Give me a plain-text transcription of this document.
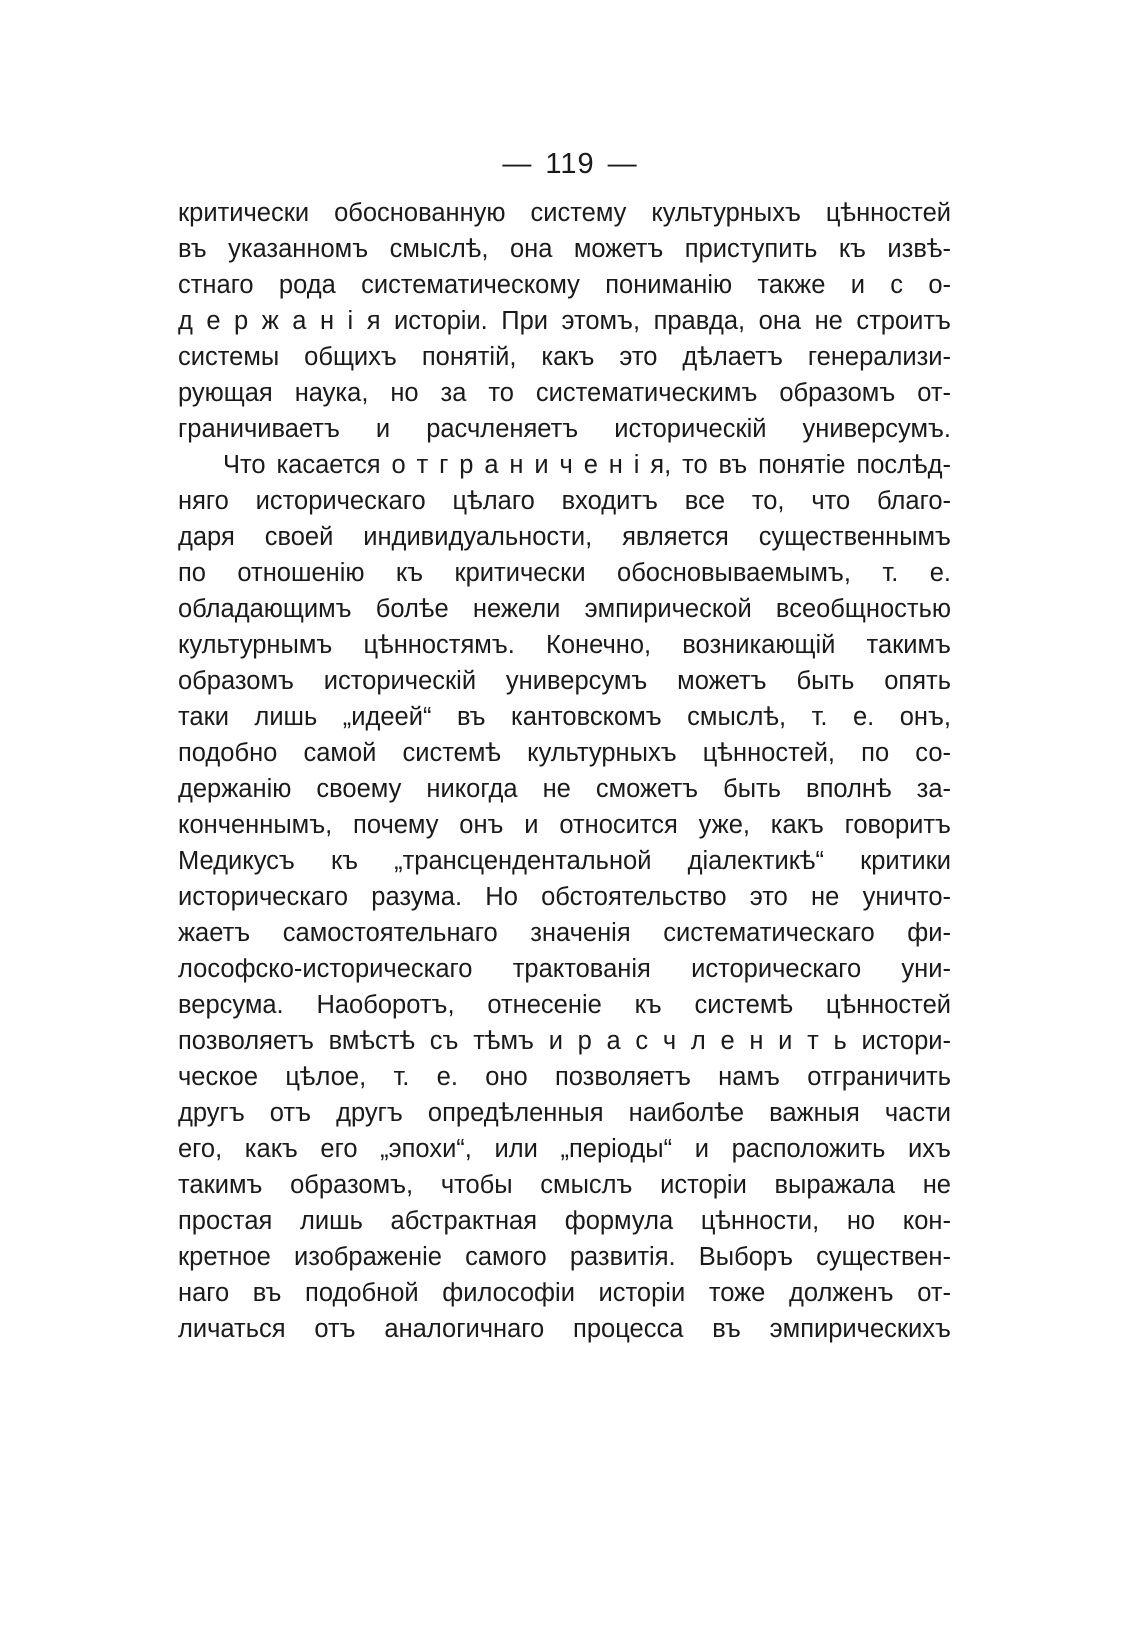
— 119 —
критически обоснованную систему культурныхъ цѣнностей
въ указанномъ смыслѣ, она можетъ приступить къ извѣ-
стнаго рода систематическому пониманію также и с о-
д е р ж а н і я исторіи. При этомъ, правда, она не строитъ
системы общихъ понятій, какъ это дѣлаетъ генерализи-
рующая наука, но за то систематическимъ образомъ от-
граничиваетъ и расчленяетъ историческій универсумъ.
Что касается о т г р а н и ч е н і я, то въ понятіе послѣд-
няго историческаго цѣлаго входитъ все то, что благо-
даря своей индивидуальности, является существеннымъ
по отношенію къ критически обосновываемымъ, т. е.
обладающимъ болѣе нежели эмпирической всеобщностью
культурнымъ цѣнностямъ. Конечно, возникающій такимъ
образомъ историческій универсумъ можетъ быть опять
таки лишь „идеей“ въ кантовскомъ смыслѣ, т. е. онъ,
подобно самой системѣ культурныхъ цѣнностей, по со-
держанію своему никогда не сможетъ быть вполнѣ за-
конченнымъ, почему онъ и относится уже, какъ говоритъ
Медикусъ къ „трансцендентальной діалектикѣ“ критики
историческаго разума. Но обстоятельство это не уничто-
жаетъ самостоятельнаго значенія систематическаго фи-
лософско-историческаго трактованія историческаго уни-
версума. Наоборотъ, отнесеніе къ системѣ цѣнностей
позволяетъ вмѣстѣ съ тѣмъ и р а с ч л е н и т ь истори-
ческое цѣлое, т. е. оно позволяетъ намъ отграничить
другъ отъ другъ опредѣленныя наиболѣе важныя части
его, какъ его „эпохи“, или „періоды“ и расположить ихъ
такимъ образомъ, чтобы смыслъ исторіи выражала не
простая лишь абстрактная формула цѣнности, но кон-
кретное изображеніе самого развитія. Выборъ существен-
наго въ подобной философіи исторіи тоже долженъ от-
личаться отъ аналогичнаго процесса въ эмпирическихъ
